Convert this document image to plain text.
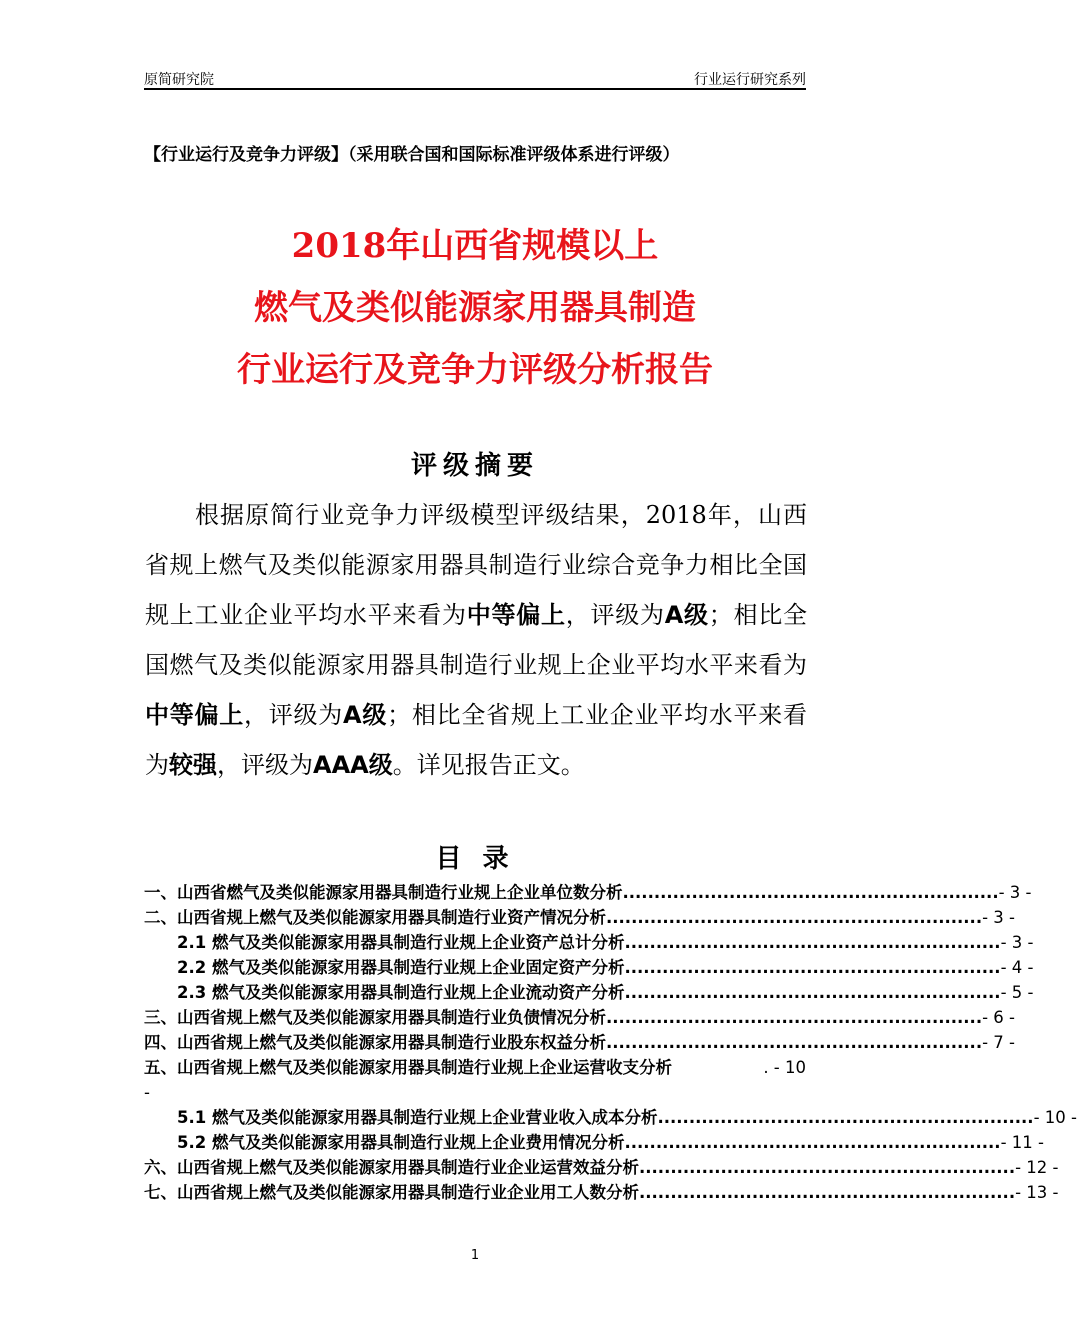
原简研究院	行业运行研究系列
【行业运行及竞争力评级】（采用联合国和国际标准评级体系进行评级）
2018年山西省规模以上
燃气及类似能源家用器具制造
行业运行及竞争力评级分析报告
评级摘要
根据原简行业竞争力评级模型评级结果，2018年，山西省规上燃气及类似能源家用器具制造行业综合竞争力相比全国规上工业企业平均水平来看为中等偏上，评级为A级；相比全国燃气及类似能源家用器具制造行业规上企业平均水平来看为中等偏上，评级为A级；相比全省规上工业企业平均水平来看为较强，评级为AAA级。详见报告正文。
目 录
一、山西省燃气及类似能源家用器具制造行业规上企业单位数分析 ............................................................ - 3 -
二、山西省规上燃气及类似能源家用器具制造行业资产情况分析 ............................................................ - 3 -
2.1 燃气及类似能源家用器具制造行业规上企业资产总计分析 ............................................................ - 3 -
2.2 燃气及类似能源家用器具制造行业规上企业固定资产分析 ............................................................ - 4 -
2.3 燃气及类似能源家用器具制造行业规上企业流动资产分析 ............................................................ - 5 -
三、山西省规上燃气及类似能源家用器具制造行业负债情况分析 ............................................................ - 6 -
四、山西省规上燃气及类似能源家用器具制造行业股东权益分析 ............................................................ - 7 -
五、山西省规上燃气及类似能源家用器具制造行业规上企业运营收支分析	. - 10
-
5.1 燃气及类似能源家用器具制造行业规上企业营业收入成本分析 ............................................................ - 10 -
5.2 燃气及类似能源家用器具制造行业规上企业费用情况分析 ............................................................ - 11 -
六、山西省规上燃气及类似能源家用器具制造行业企业运营效益分析 ............................................................ - 12 -
七、山西省规上燃气及类似能源家用器具制造行业企业用工人数分析 ............................................................ - 13 -
1
